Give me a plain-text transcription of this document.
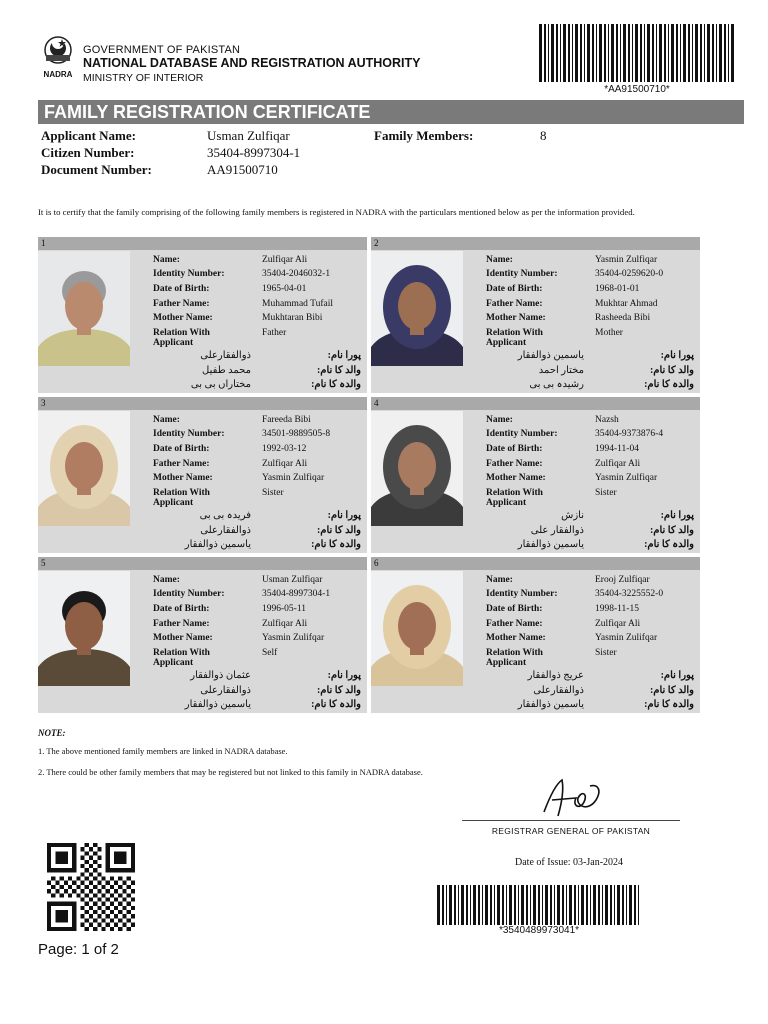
NADRA
GOVERNMENT OF PAKISTAN
NATIONAL DATABASE AND REGISTRATION AUTHORITY
MINISTRY OF INTERIOR
*AA91500710*
FAMILY REGISTRATION CERTIFICATE
Applicant Name:	Usman Zulfiqar	Family Members:	8
Citizen Number:	35404-8997304-1
Document Number:	AA91500710
It is to certify that the family comprising of the following family members is registered in NADRA with the particulars mentioned below as per the information provided.
1
Name:	Zulfiqar Ali
Identity Number:	35404-2046032-1
Date of Birth:	1965-04-01
Father Name:	Muhammad Tufail
Mother Name:	Mukhtaran Bibi
Relation With
Applicant
Father
پورا نام:
ذوالفقارعلی
والد کا نام:
محمد طفیل
والدہ کا نام:
مختاراں بی بی
2
Name:	Yasmin Zulfiqar
Identity Number:	35404-0259620-0
Date of Birth:	1968-01-01
Father Name:	Mukhtar Ahmad
Mother Name:	Rasheeda Bibi
Relation With
Applicant
Mother
پورا نام:
یاسمین ذوالفقار
والد کا نام:
مختار احمد
والدہ کا نام:
رشیدہ بی بی
3
Name:	Fareeda Bibi
Identity Number:	34501-9889505-8
Date of Birth:	1992-03-12
Father Name:	Zulfiqar Ali
Mother Name:	Yasmin Zulfiqar
Relation With
Applicant
Sister
پورا نام:
فریدہ بی بی
والد کا نام:
ذوالفقارعلی
والدہ کا نام:
یاسمین ذوالفقار
4
Name:	Nazsh
Identity Number:	35404-9373876-4
Date of Birth:	1994-11-04
Father Name:	Zulfiqar Ali
Mother Name:	Yasmin Zulfiqar
Relation With
Applicant
Sister
پورا نام:
نازش
والد کا نام:
ذوالفقار علی
والدہ کا نام:
یاسمین ذوالفقار
5
Name:	Usman Zulfiqar
Identity Number:	35404-8997304-1
Date of Birth:	1996-05-11
Father Name:	Zulfiqar Ali
Mother Name:	Yasmin Zulifqar
Relation With
Applicant
Self
پورا نام:
عثمان ذوالفقار
والد کا نام:
ذوالفقارعلی
والدہ کا نام:
یاسمین ذوالفقار
6
Name:	Erooj Zulfiqar
Identity Number:	35404-3225552-0
Date of Birth:	1998-11-15
Father Name:	Zulfiqar Ali
Mother Name:	Yasmin Zulifqar
Relation With
Applicant
Sister
پورا نام:
عریج ذوالفقار
والد کا نام:
ذوالفقارعلی
والدہ کا نام:
یاسمین ذوالفقار
NOTE:
1. The above mentioned family members are linked in NADRA database.
2. There could be other family members that may be registered but not linked to this family in NADRA database.
REGISTRAR GENERAL OF PAKISTAN
Date of Issue: 03-Jan-2024
*3540489973041*
Page: 1 of 2
